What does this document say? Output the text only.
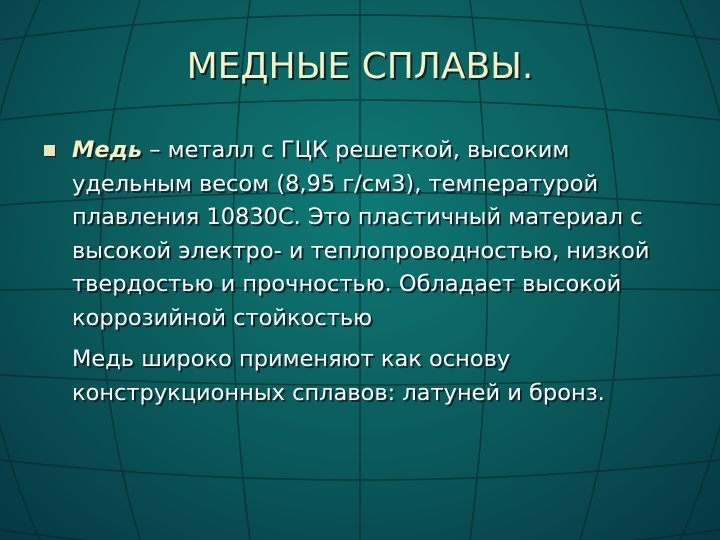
МЕДНЫЕ СПЛАВЫ.

Медь – металл с ГЦК решеткой, высоким удельным весом (8,95 г/см3), температурой плавления 10830С. Это пластичный материал с высокой электро- и теплопроводностью, низкой твердостью и прочностью. Обладает высокой коррозийной стойкостью

Медь широко применяют как основу конструкционных сплавов: латуней и бронз.
